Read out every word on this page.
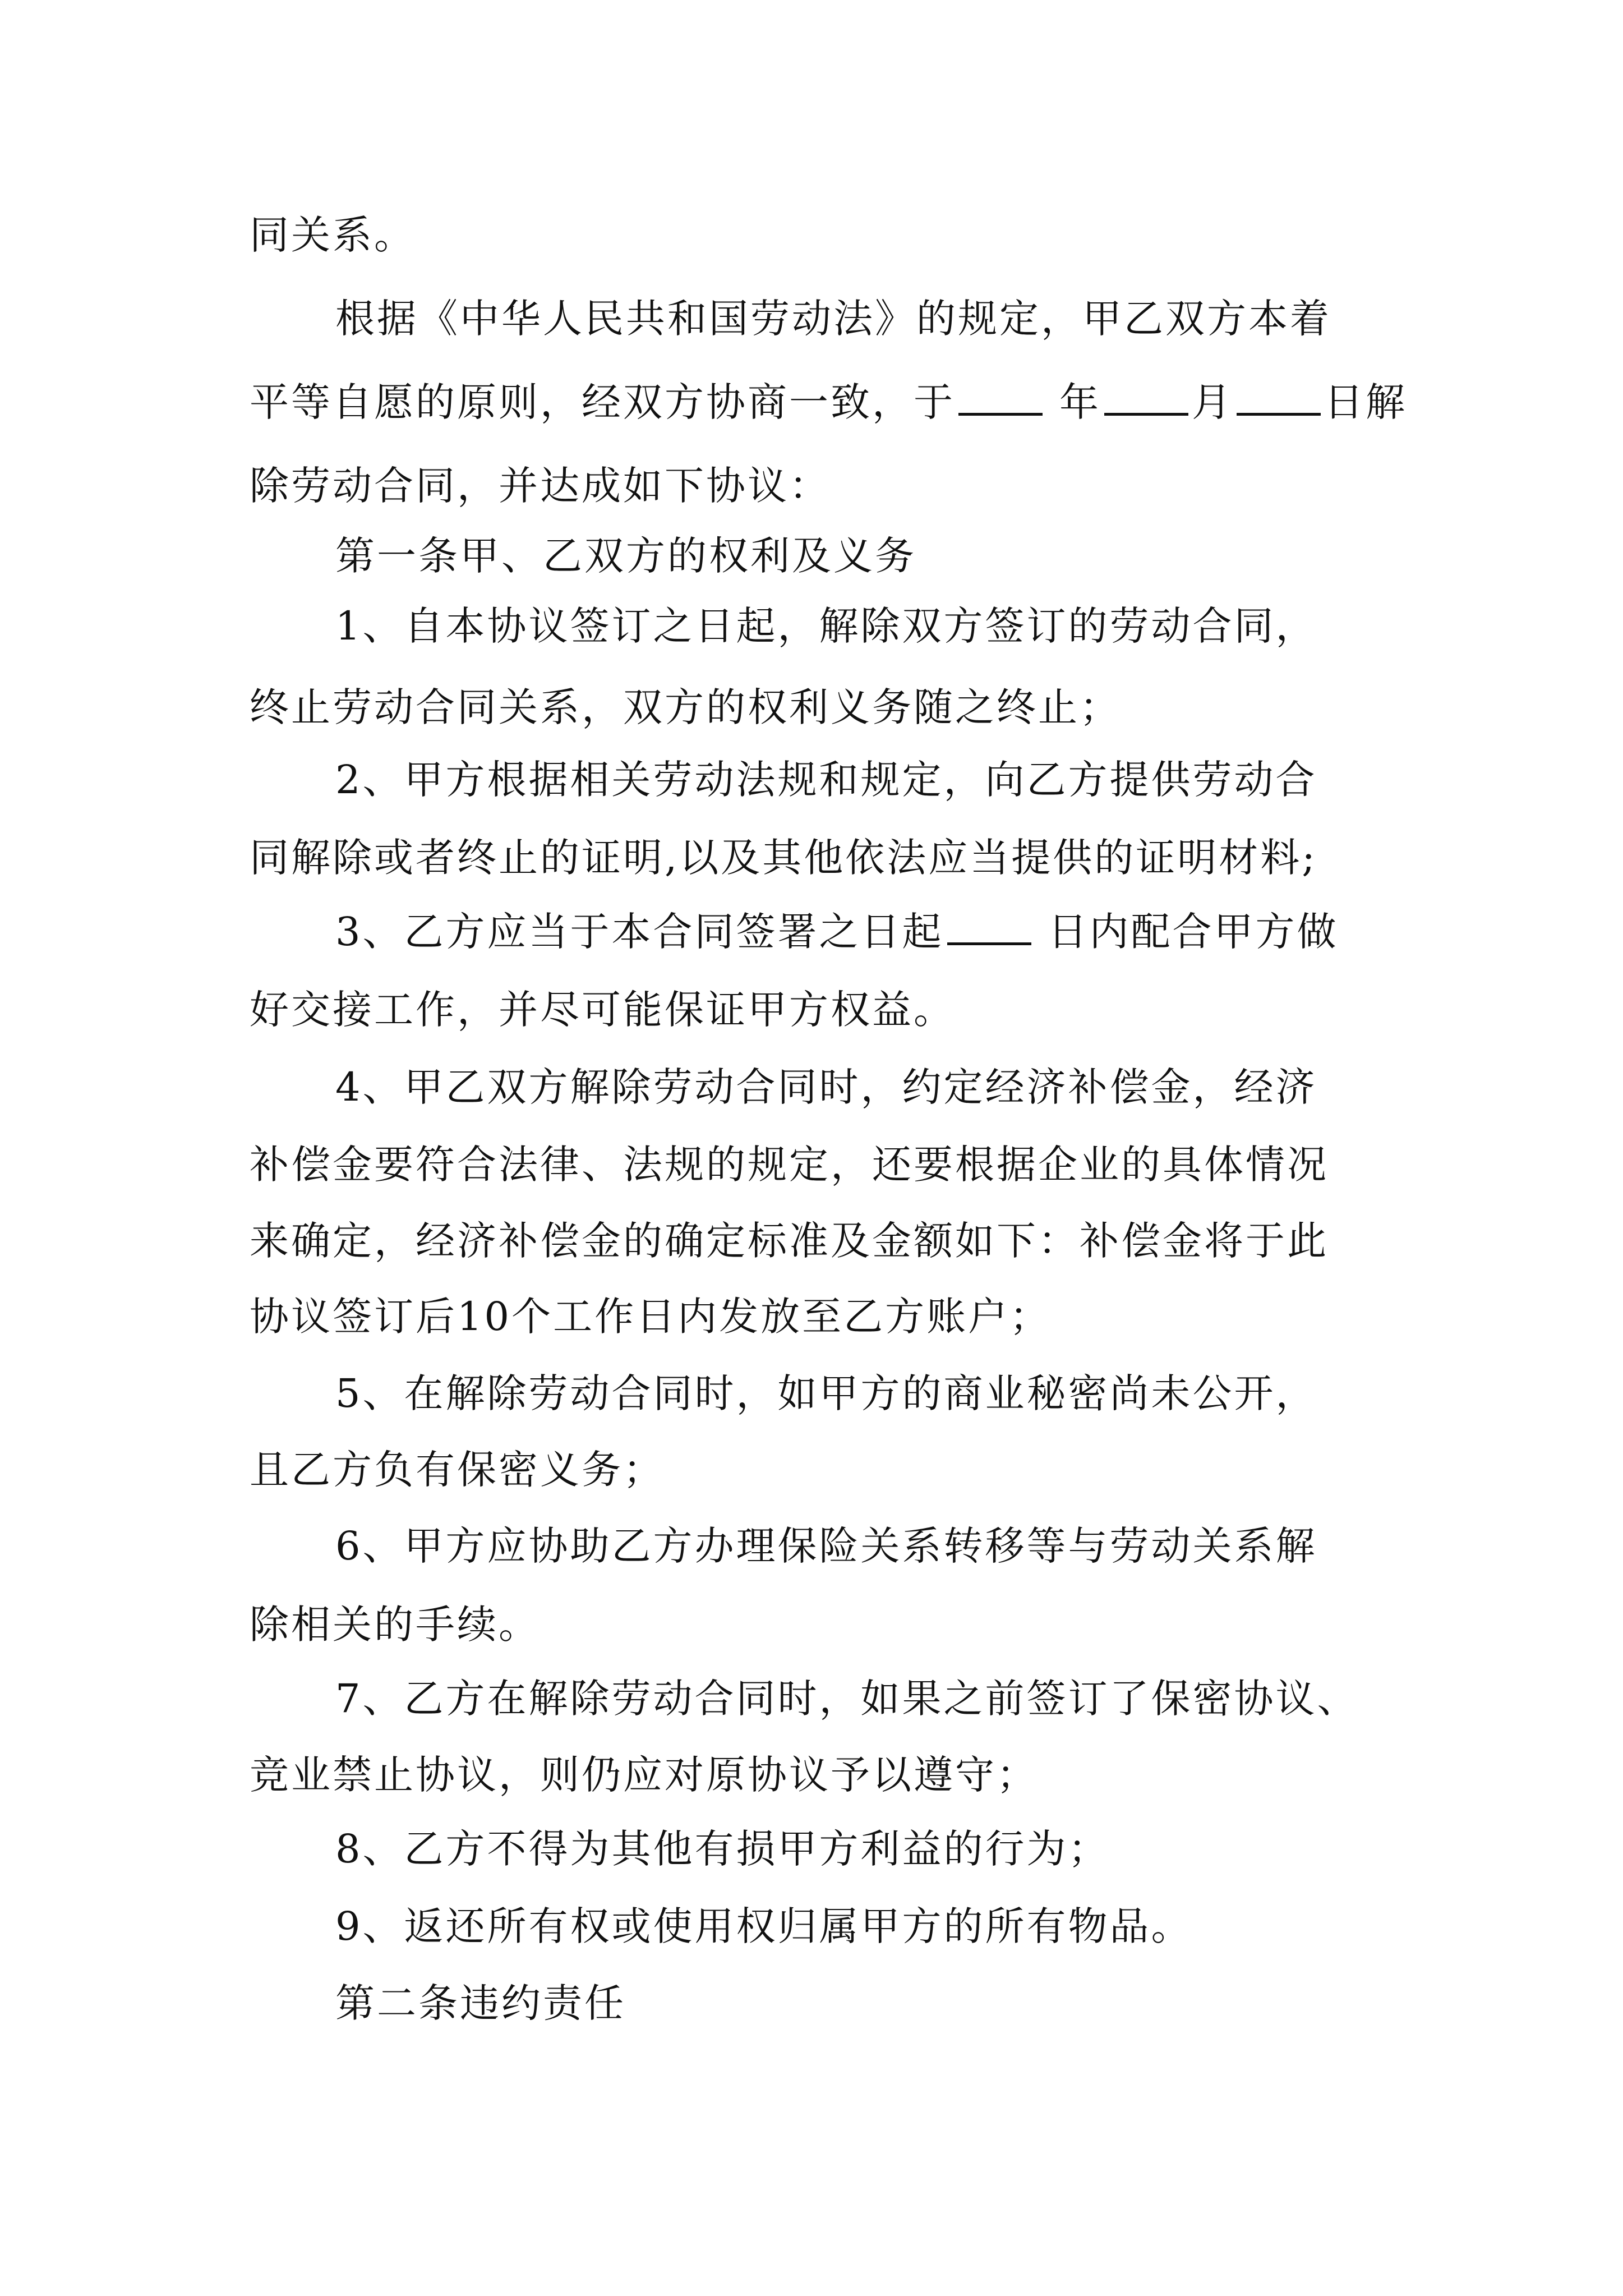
同关系。
根据《中华人民共和国劳动法》的规定，甲乙双方本着
平等自愿的原则，经双方协商一致，于	年 月 日解
除劳动合同，并达成如下协议：
第一条甲、乙双方的权利及义务
1、自本协议签订之日起，解除双方签订的劳动合同，
终止劳动合同关系，双方的权利义务随之终止；
2、甲方根据相关劳动法规和规定，向乙方提供劳动合
同解除或者终止的证明,以及其他依法应当提供的证明材料;
3、乙方应当于本合同签署之日起	日内配合甲方做
好交接工作，并尽可能保证甲方权益。
4、甲乙双方解除劳动合同时，约定经济补偿金，经济
补偿金要符合法律、法规的规定，还要根据企业的具体情况
来确定，经济补偿金的确定标准及金额如下：补偿金将于此
协议签订后10个工作日内发放至乙方账户；
5、在解除劳动合同时，如甲方的商业秘密尚未公开，
且乙方负有保密义务；
6、甲方应协助乙方办理保险关系转移等与劳动关系解
除相关的手续。
7、乙方在解除劳动合同时，如果之前签订了保密协议、
竞业禁止协议，则仍应对原协议予以遵守；
8、乙方不得为其他有损甲方利益的行为；
9、返还所有权或使用权归属甲方的所有物品。
第二条违约责任
